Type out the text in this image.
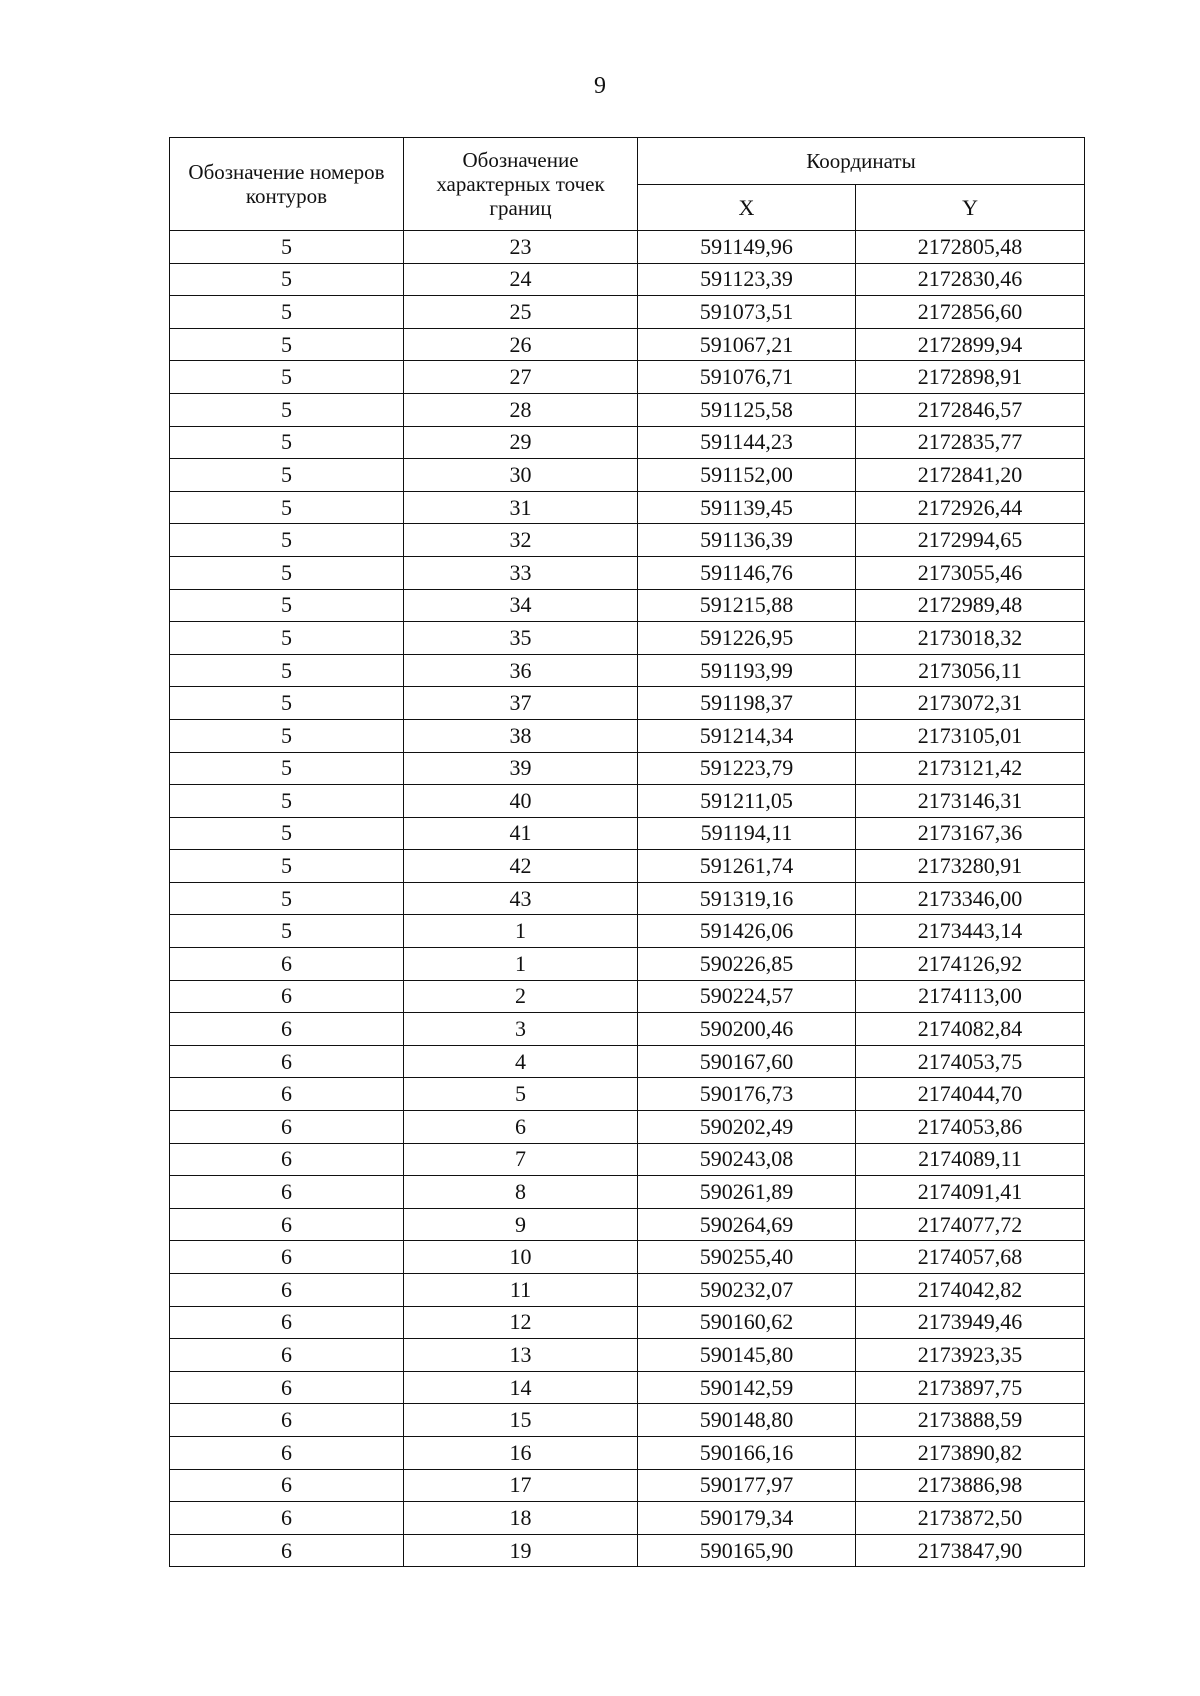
9
Обозначение номеров контуров	Обозначение характерных точек границ	Координаты	
		X	Y
5	23	591149,96	2172805,48
5	24	591123,39	2172830,46
5	25	591073,51	2172856,60
5	26	591067,21	2172899,94
5	27	591076,71	2172898,91
5	28	591125,58	2172846,57
5	29	591144,23	2172835,77
5	30	591152,00	2172841,20
5	31	591139,45	2172926,44
5	32	591136,39	2172994,65
5	33	591146,76	2173055,46
5	34	591215,88	2172989,48
5	35	591226,95	2173018,32
5	36	591193,99	2173056,11
5	37	591198,37	2173072,31
5	38	591214,34	2173105,01
5	39	591223,79	2173121,42
5	40	591211,05	2173146,31
5	41	591194,11	2173167,36
5	42	591261,74	2173280,91
5	43	591319,16	2173346,00
5	1	591426,06	2173443,14
6	1	590226,85	2174126,92
6	2	590224,57	2174113,00
6	3	590200,46	2174082,84
6	4	590167,60	2174053,75
6	5	590176,73	2174044,70
6	6	590202,49	2174053,86
6	7	590243,08	2174089,11
6	8	590261,89	2174091,41
6	9	590264,69	2174077,72
6	10	590255,40	2174057,68
6	11	590232,07	2174042,82
6	12	590160,62	2173949,46
6	13	590145,80	2173923,35
6	14	590142,59	2173897,75
6	15	590148,80	2173888,59
6	16	590166,16	2173890,82
6	17	590177,97	2173886,98
6	18	590179,34	2173872,50
6	19	590165,90	2173847,90
